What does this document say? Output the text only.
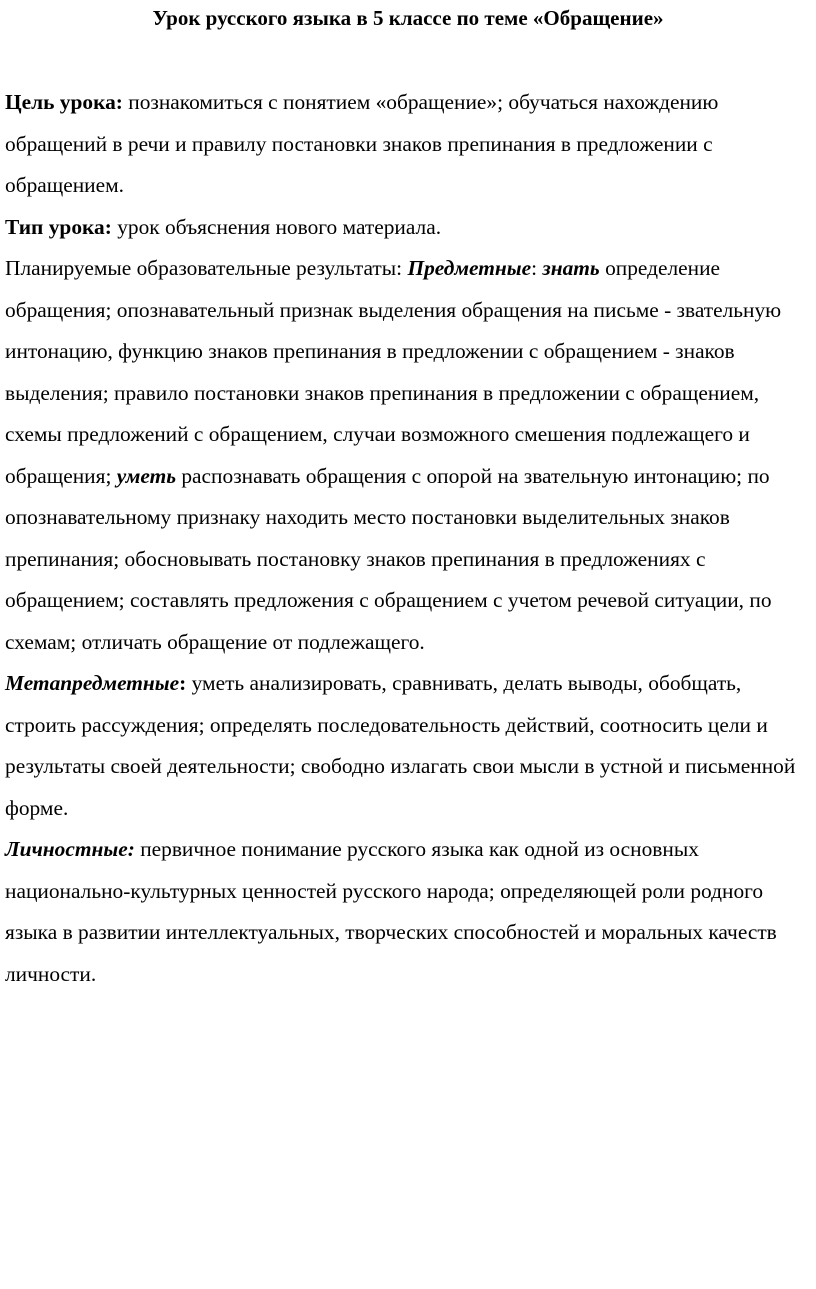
Урок русского языка в 5 классе по теме «Обращение»

Цель урока: познакомиться с понятием «обращение»; обучаться нахождению обращений в речи и правилу постановки знаков препинания в предложении с обращением.

Тип урока: урок объяснения нового материала.

Планируемые образовательные результаты: Предметные: знать определение обращения; опознавательный признак выделения обращения на письме - звательную интонацию, функцию знаков препинания в предложении с обращением - знаков выделения; правило постановки знаков препинания в предложении с обращением, схемы предложений с обращением, случаи возможного смешения подлежащего и обращения; уметь распознавать обращения с опорой на звательную интонацию; по опознавательному признаку находить место постановки выделительных знаков препинания; обосновывать постановку знаков препинания в предложениях с обращением; составлять предложения с обращением с учетом речевой ситуации, по схемам; отличать обращение от подлежащего.

Метапредметные: уметь анализировать, сравнивать, делать выводы, обобщать, строить рассуждения; определять последовательность действий, соотносить цели и результаты своей деятельности; свободно излагать свои мысли в устной и письменной форме.

Личностные: первичное понимание русского языка как одной из основных национально-культурных ценностей русского народа; определяющей роли родного языка в развитии интеллектуальных, творческих способностей и моральных качеств личности.
